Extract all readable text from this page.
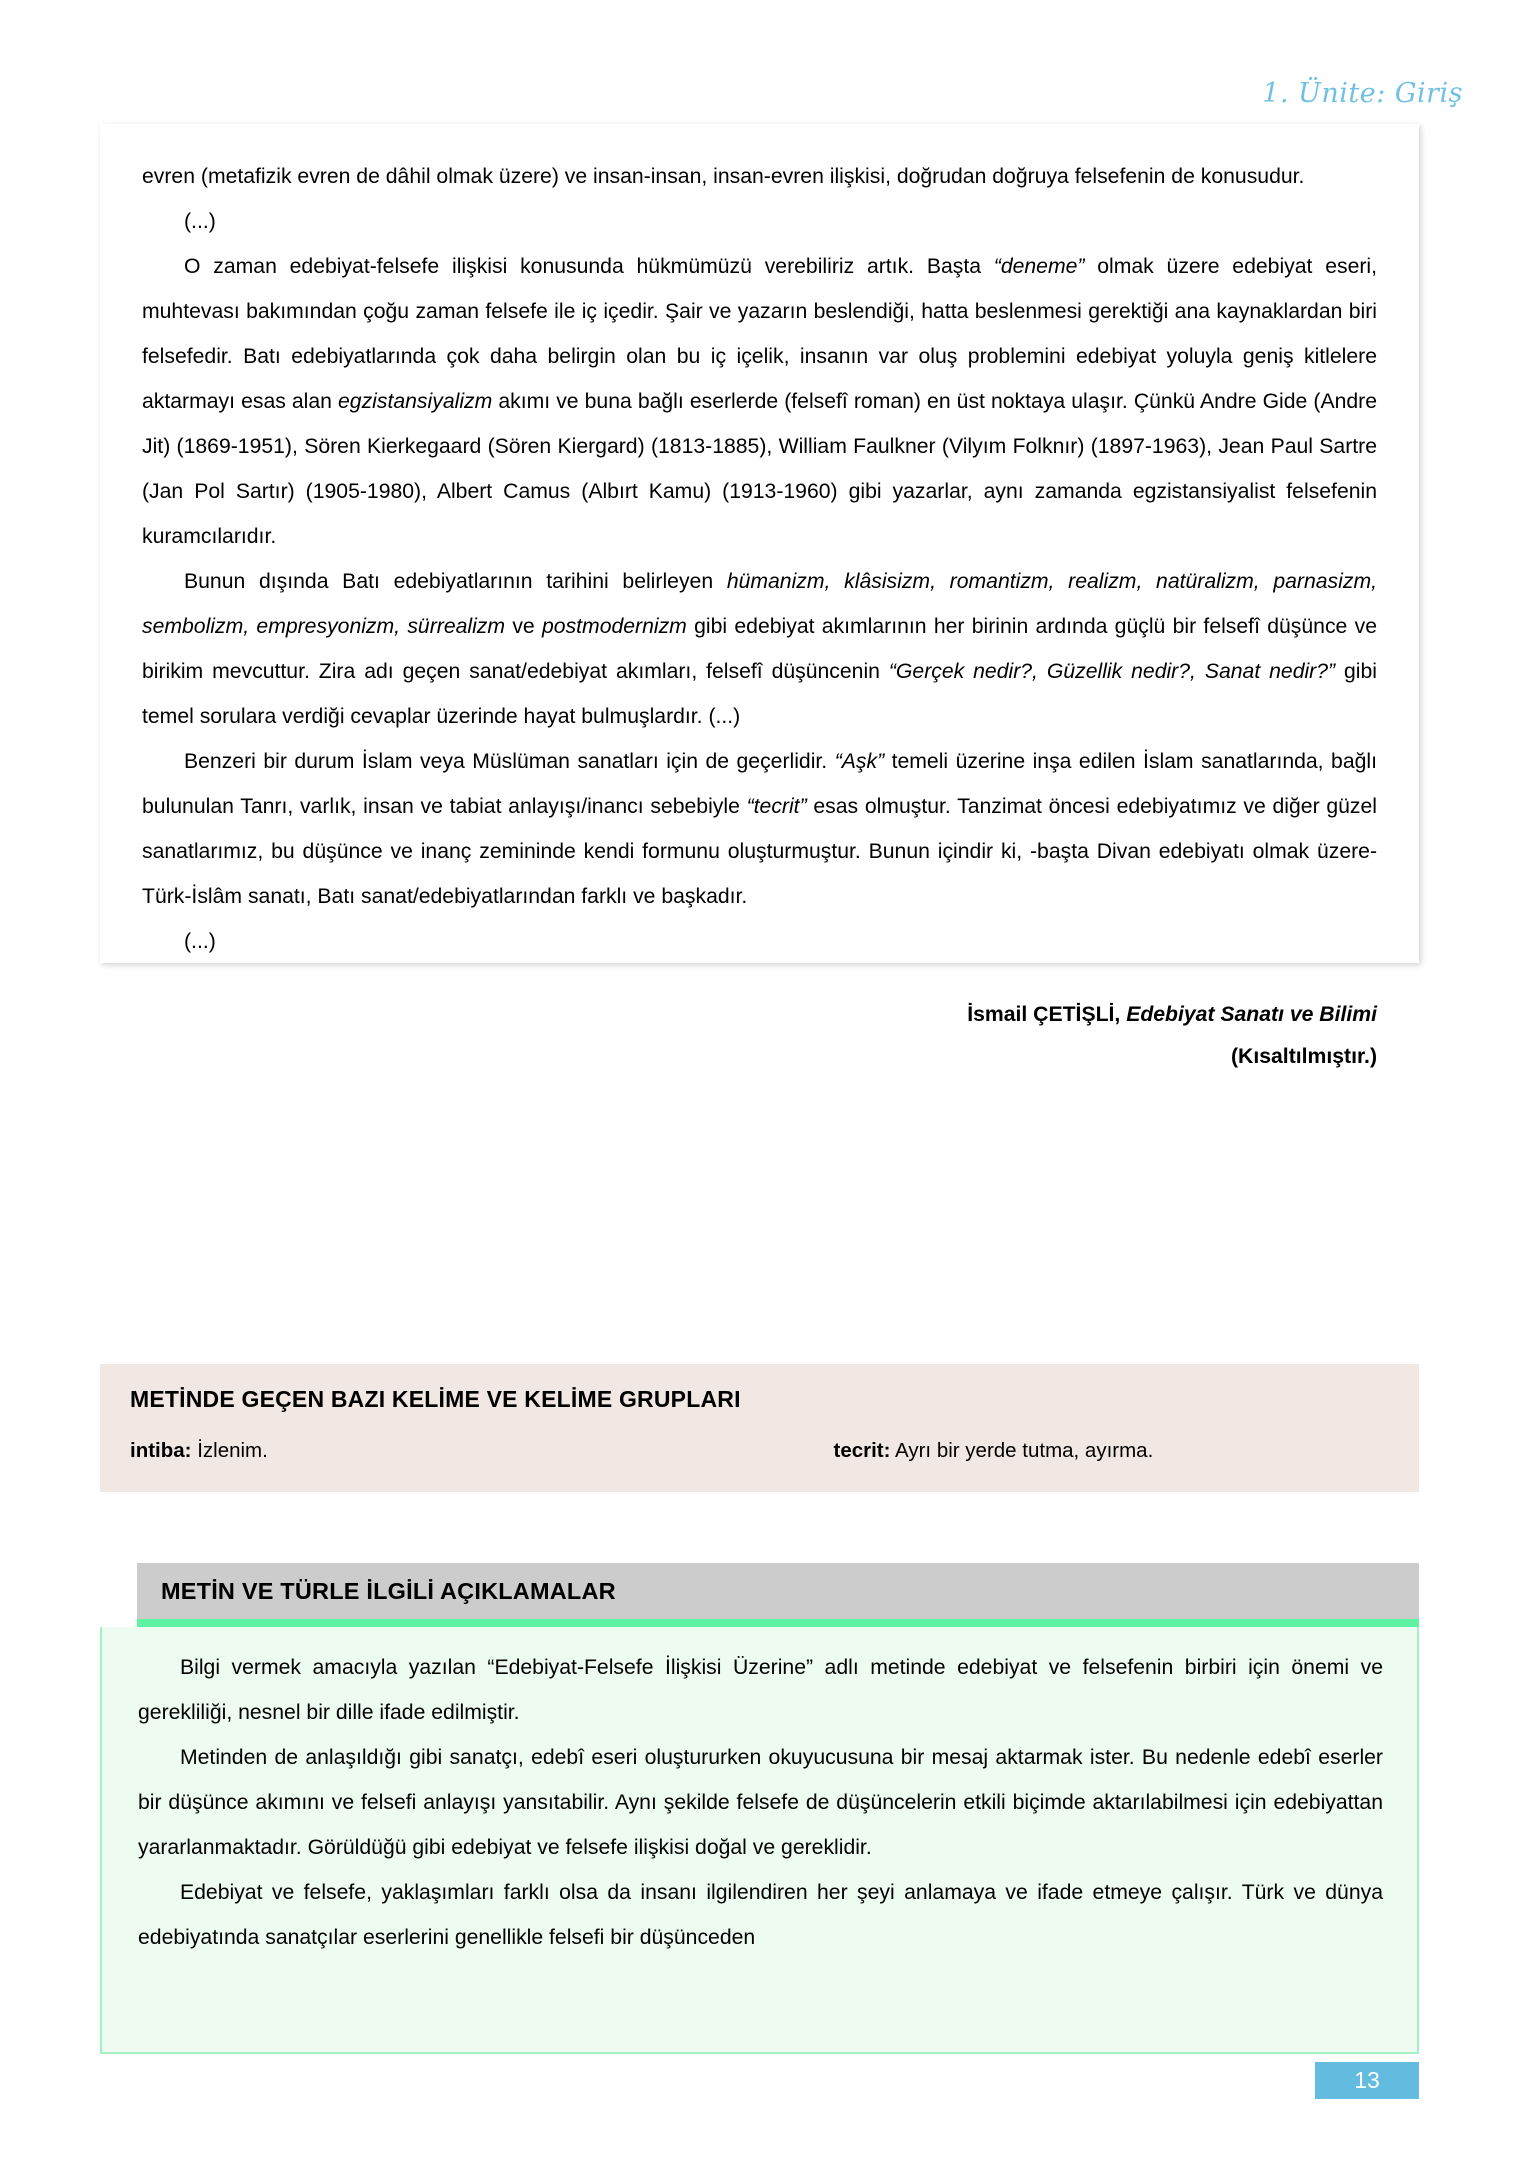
1. Ünite: Giriş

evren (metafizik evren de dâhil olmak üzere) ve insan-insan, insan-evren ilişkisi, doğrudan doğruya felsefenin de konusudur.

(...)

O zaman edebiyat-felsefe ilişkisi konusunda hükmümüzü verebiliriz artık. Başta “deneme” olmak üzere edebiyat eseri, muhtevası bakımından çoğu zaman felsefe ile iç içedir. Şair ve yazarın beslendiği, hatta beslenmesi gerektiği ana kaynaklardan biri felsefedir. Batı edebiyatlarında çok daha belirgin olan bu iç içelik, insanın var oluş problemini edebiyat yoluyla geniş kitlelere aktarmayı esas alan egzistansiyalizm akımı ve buna bağlı eserlerde (felsefî roman) en üst noktaya ulaşır. Çünkü Andre Gide (Andre Jit) (1869-1951), Sören Kierkegaard (Sören Kiergard) (1813-1885), William Faulkner (Vilyım Folknır) (1897-1963), Jean Paul Sartre (Jan Pol Sartır) (1905-1980), Albert Camus (Albırt Kamu) (1913-1960) gibi yazarlar, aynı zamanda egzistansiyalist felsefenin kuramcılarıdır.

Bunun dışında Batı edebiyatlarının tarihini belirleyen hümanizm, klâsisizm, romantizm, realizm, natüralizm, parnasizm, sembolizm, empresyonizm, sürrealizm ve postmodernizm gibi edebiyat akımlarının her birinin ardında güçlü bir felsefî düşünce ve birikim mevcuttur. Zira adı geçen sanat/edebiyat akımları, felsefî düşüncenin “Gerçek nedir?, Güzellik nedir?, Sanat nedir?” gibi temel sorulara verdiği cevaplar üzerinde hayat bulmuşlardır. (...)

Benzeri bir durum İslam veya Müslüman sanatları için de geçerlidir. “Aşk” temeli üzerine inşa edilen İslam sanatlarında, bağlı bulunulan Tanrı, varlık, insan ve tabiat anlayışı/inancı sebebiyle “tecrit” esas olmuştur. Tanzimat öncesi edebiyatımız ve diğer güzel sanatlarımız, bu düşünce ve inanç zemininde kendi formunu oluşturmuştur. Bunun içindir ki, -başta Divan edebiyatı olmak üzere- Türk-İslâm sanatı, Batı sanat/edebiyatlarından farklı ve başkadır.

(...)

İsmail ÇETİŞLİ, Edebiyat Sanatı ve Bilimi
(Kısaltılmıştır.)
METİNDE GEÇEN BAZI KELİME VE KELİME GRUPLARI
intiba: İzlenim.	tecrit: Ayrı bir yerde tutma, ayırma.
METİN VE TÜRLE İLGİLİ AÇIKLAMALAR

Bilgi vermek amacıyla yazılan “Edebiyat-Felsefe İlişkisi Üzerine” adlı metinde edebiyat ve felsefenin birbiri için önemi ve gerekliliği, nesnel bir dille ifade edilmiştir.

Metinden de anlaşıldığı gibi sanatçı, edebî eseri oluştururken okuyucusuna bir mesaj aktarmak ister. Bu nedenle edebî eserler bir düşünce akımını ve felsefi anlayışı yansıtabilir. Aynı şekilde felsefe de düşüncelerin etkili biçimde aktarılabilmesi için edebiyattan yararlanmaktadır. Görüldüğü gibi edebiyat ve felsefe ilişkisi doğal ve gereklidir.

Edebiyat ve felsefe, yaklaşımları farklı olsa da insanı ilgilendiren her şeyi anlamaya ve ifade etmeye çalışır. Türk ve dünya edebiyatında sanatçılar eserlerini genellikle felsefi bir düşünceden

13
